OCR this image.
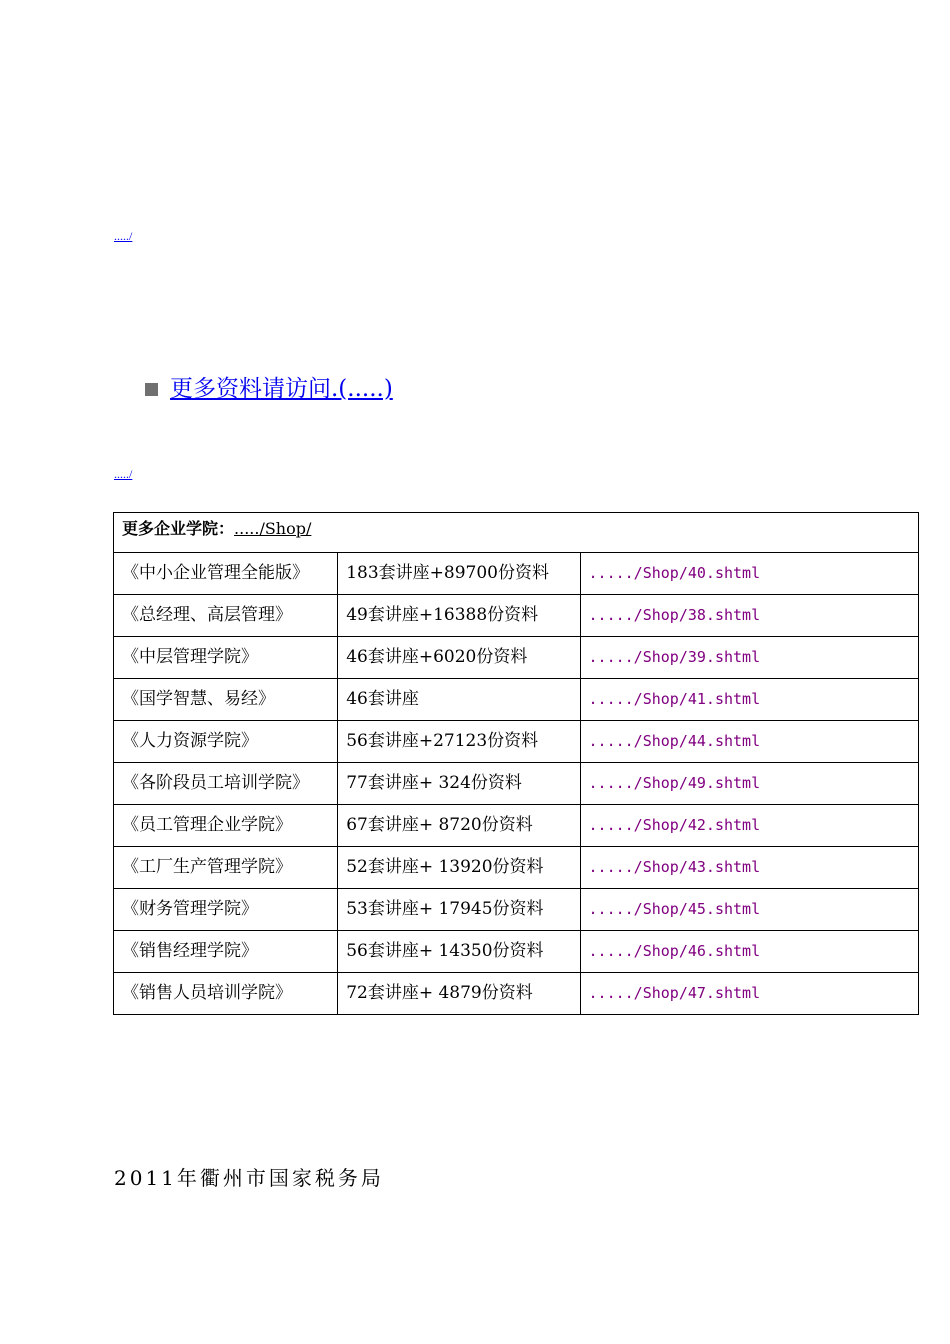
...../
更多资料请访问.(.....)
...../
更多企业学院：...../Shop/		
《中小企业管理全能版》	183套讲座+89700份资料	...../Shop/40.shtml
《总经理、高层管理》	49套讲座+16388份资料	...../Shop/38.shtml
《中层管理学院》	46套讲座+6020份资料	...../Shop/39.shtml
《国学智慧、易经》	46套讲座	...../Shop/41.shtml
《人力资源学院》	56套讲座+27123份资料	...../Shop/44.shtml
《各阶段员工培训学院》	77套讲座+ 324份资料	...../Shop/49.shtml
《员工管理企业学院》	67套讲座+ 8720份资料	...../Shop/42.shtml
《工厂生产管理学院》	52套讲座+ 13920份资料	...../Shop/43.shtml
《财务管理学院》	53套讲座+ 17945份资料	...../Shop/45.shtml
《销售经理学院》	56套讲座+ 14350份资料	...../Shop/46.shtml
《销售人员培训学院》	72套讲座+ 4879份资料	...../Shop/47.shtml
2011年衢州市国家税务局
